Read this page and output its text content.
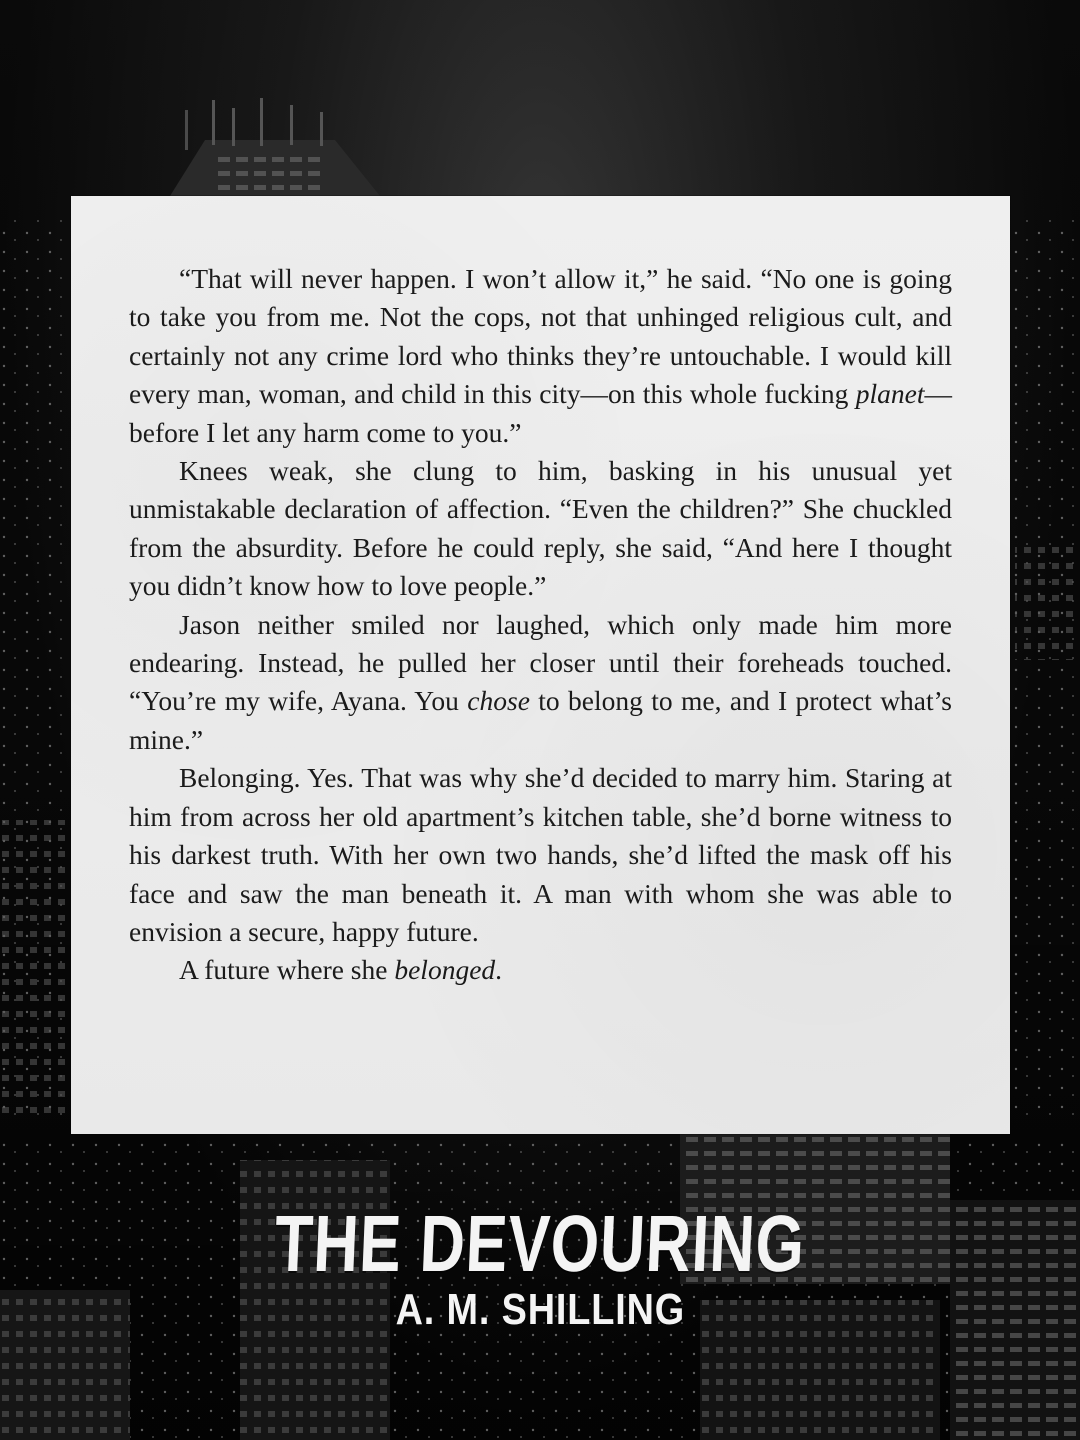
“That will never happen. I won’t allow it,” he said. “No one is going to take you from me. Not the cops, not that unhinged religious cult, and certainly not any crime lord who thinks they’re untouchable. I would kill every man, woman, and child in this city—on this whole fucking planet—before I let any harm come to you.”

Knees weak, she clung to him, basking in his unusual yet unmistakable declaration of affection. “Even the children?” She chuckled from the absurdity. Before he could reply, she said, “And here I thought you didn’t know how to love people.”

Jason neither smiled nor laughed, which only made him more endearing. Instead, he pulled her closer until their foreheads touched. “You’re my wife, Ayana. You chose to belong to me, and I protect what’s mine.”

Belonging. Yes. That was why she’d decided to marry him. Staring at him from across her old apartment’s kitchen table, she’d borne witness to his darkest truth. With her own two hands, she’d lifted the mask off his face and saw the man beneath it. A man with whom she was able to envision a secure, happy future.

A future where she belonged.

THE DEVOURING
A. M. SHILLING
